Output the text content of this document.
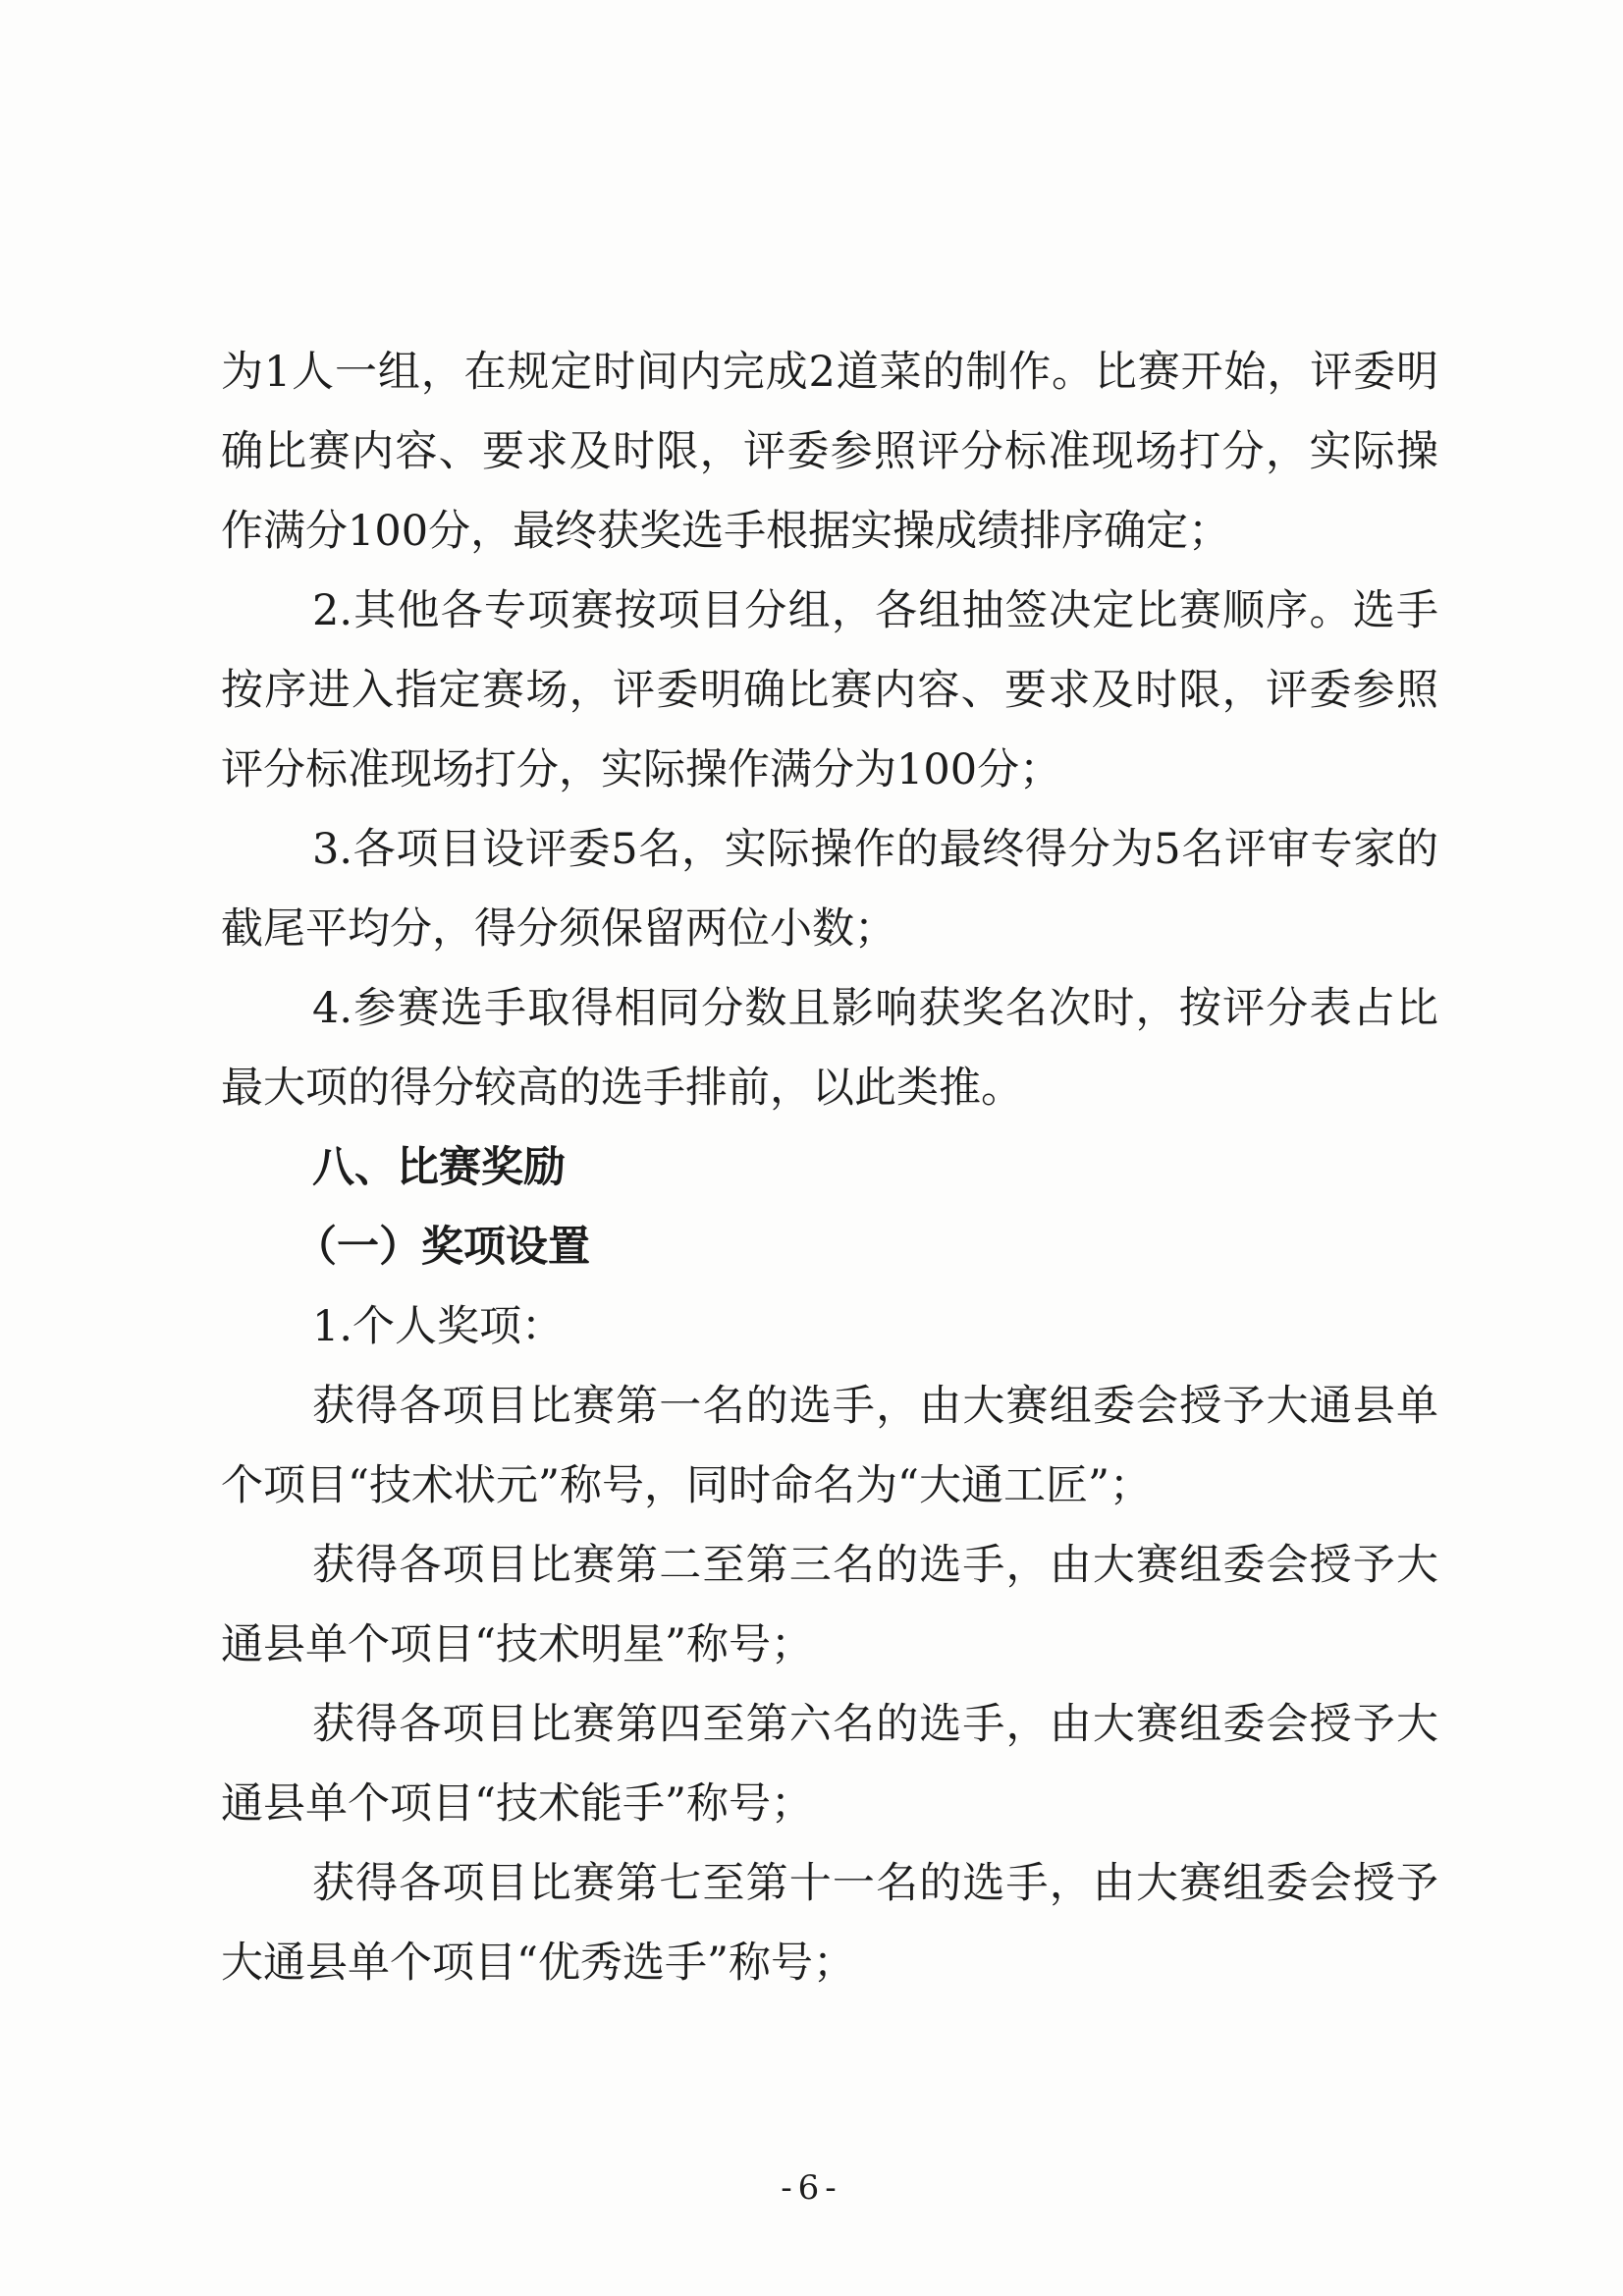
为1人一组，在规定时间内完成2道菜的制作。比赛开始，评委明
确比赛内容、要求及时限，评委参照评分标准现场打分，实际操
作满分100分，最终获奖选手根据实操成绩排序确定；
2.其他各专项赛按项目分组，各组抽签决定比赛顺序。选手
按序进入指定赛场，评委明确比赛内容、要求及时限，评委参照
评分标准现场打分，实际操作满分为100分；
3.各项目设评委5名，实际操作的最终得分为5名评审专家的
截尾平均分，得分须保留两位小数；
4.参赛选手取得相同分数且影响获奖名次时，按评分表占比
最大项的得分较高的选手排前，以此类推。
八、比赛奖励
（一）奖项设置
1.个人奖项：
获得各项目比赛第一名的选手，由大赛组委会授予大通县单
个项目“技术状元”称号，同时命名为“大通工匠”；
获得各项目比赛第二至第三名的选手，由大赛组委会授予大
通县单个项目“技术明星”称号；
获得各项目比赛第四至第六名的选手，由大赛组委会授予大
通县单个项目“技术能手”称号；
获得各项目比赛第七至第十一名的选手，由大赛组委会授予
大通县单个项目“优秀选手”称号；
-6-
